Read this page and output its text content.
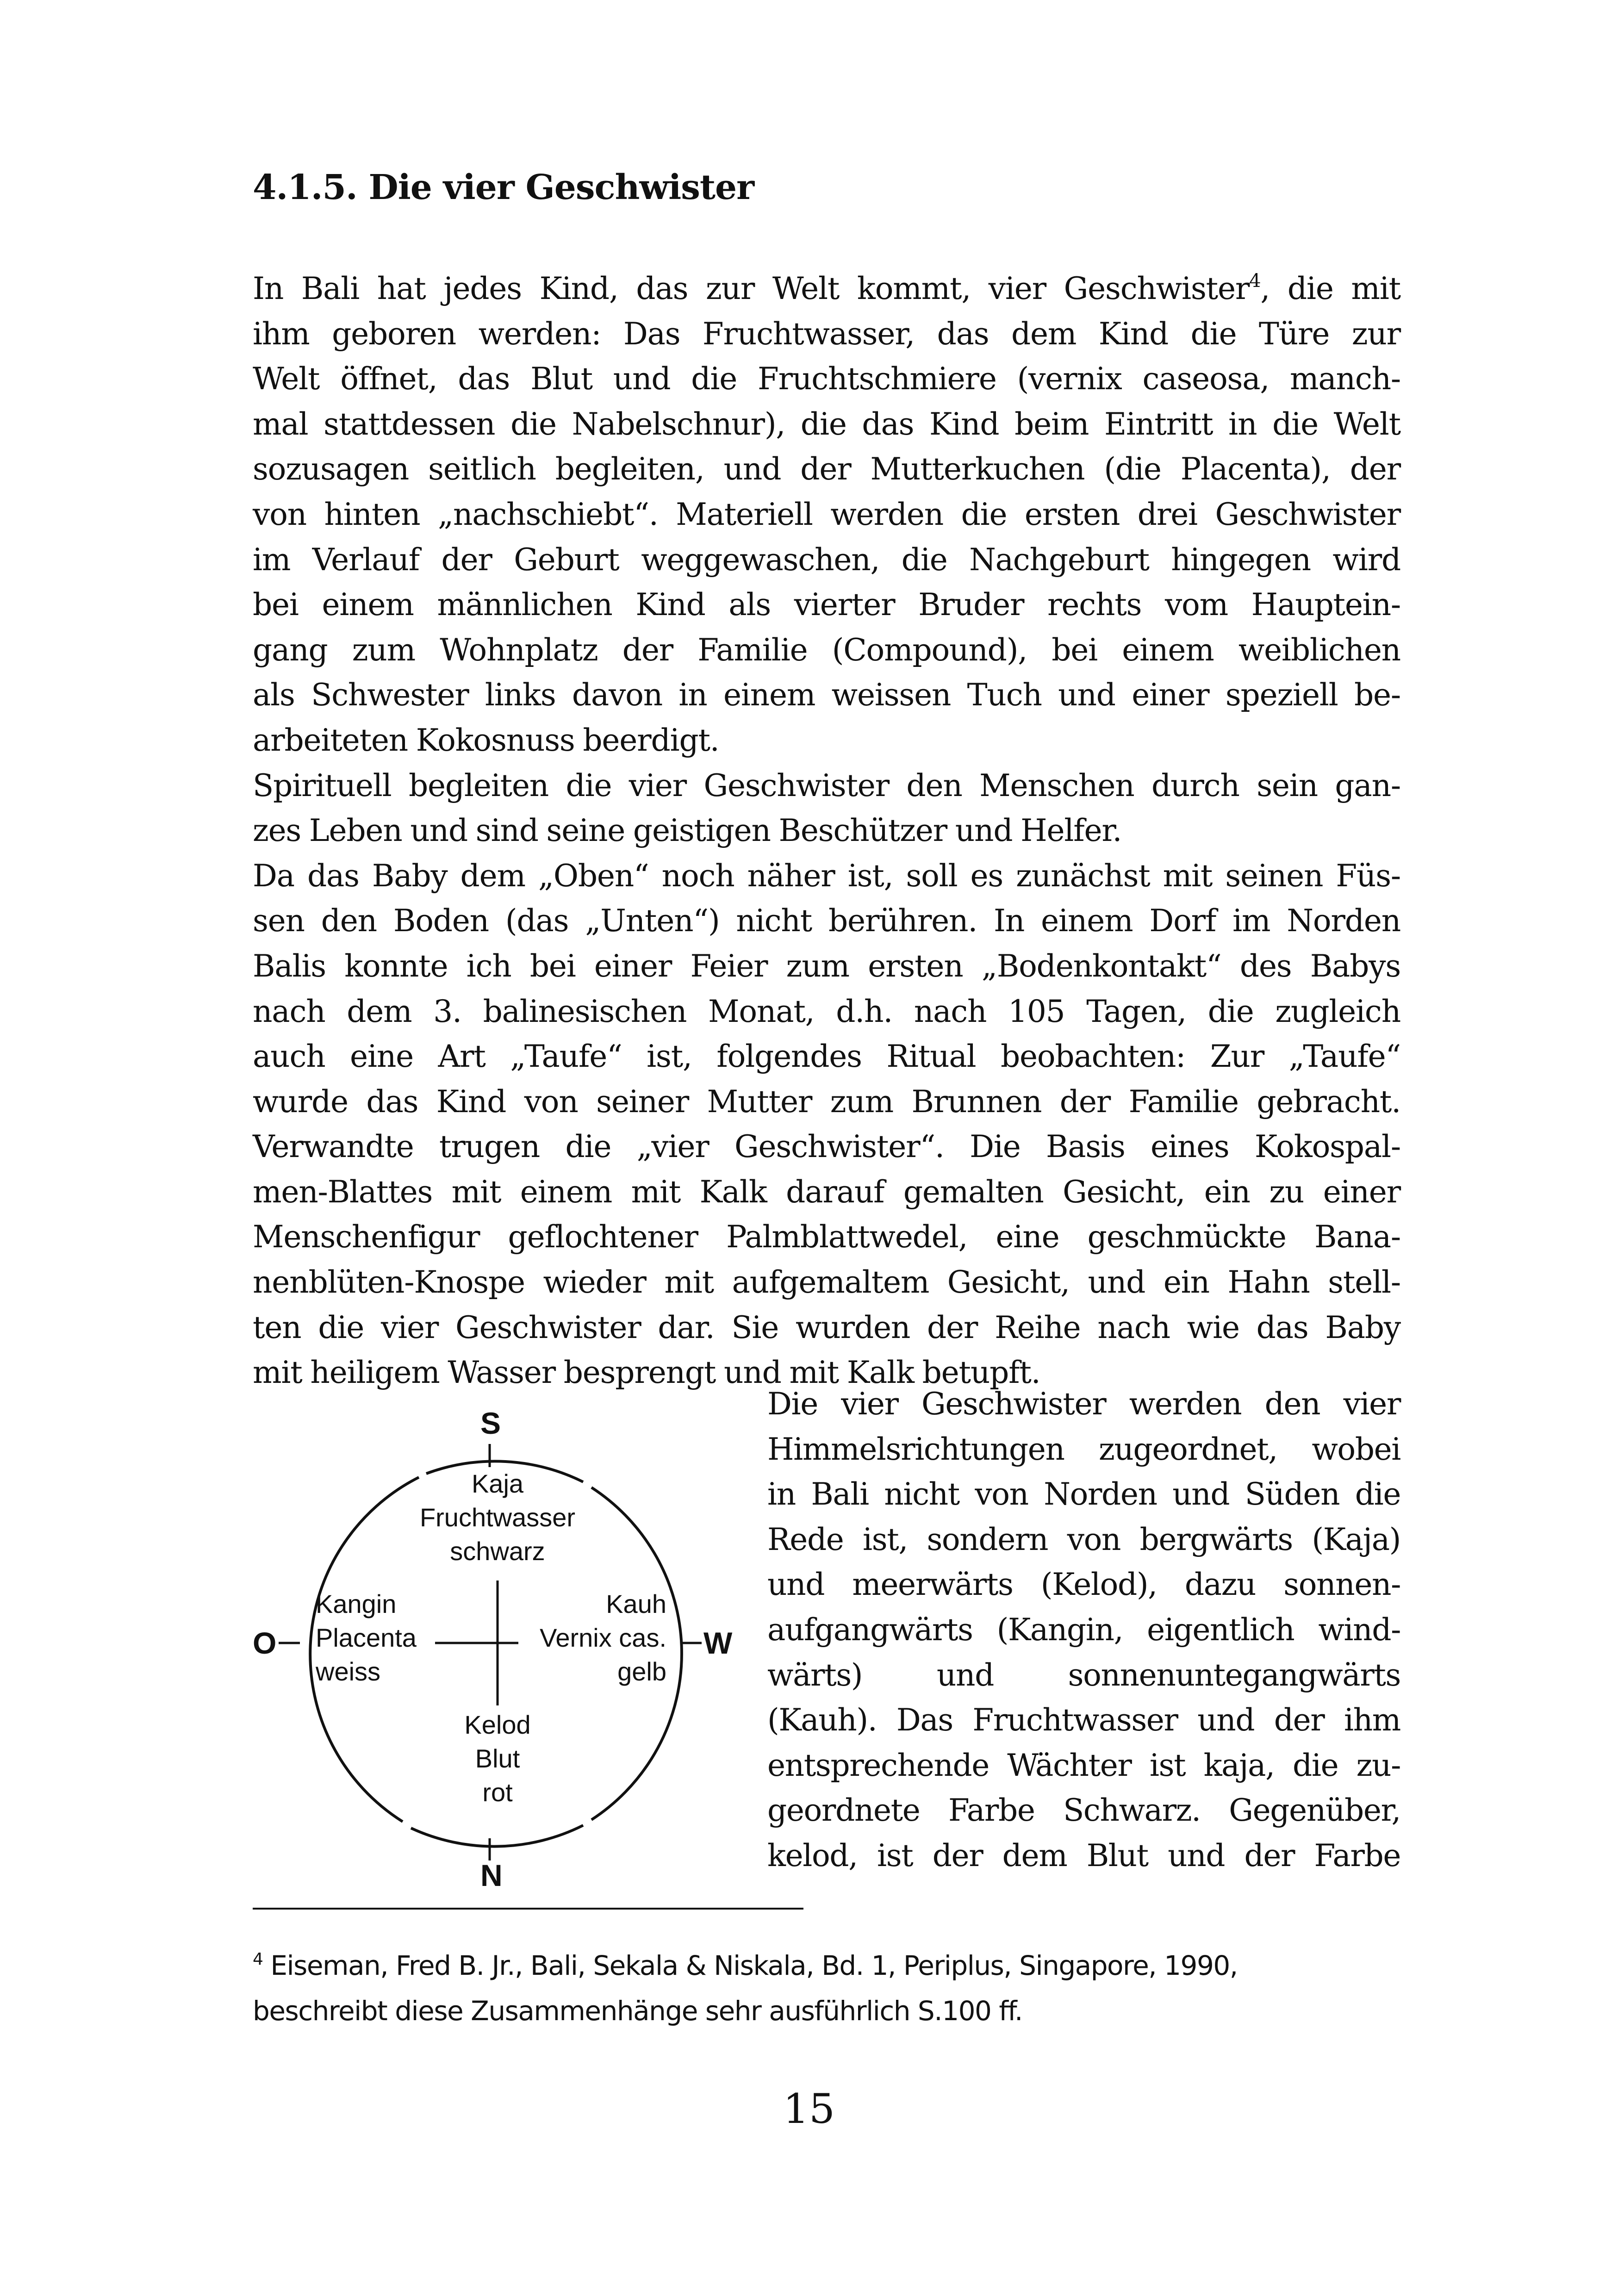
4.1.5. Die vier Geschwister
In Bali hat jedes Kind, das zur Welt kommt, vier Geschwister$^4$, die mit
ihm geboren werden: Das Fruchtwasser, das dem Kind die Türe zur
Welt öffnet, das Blut und die Fruchtschmiere (vernix caseosa, manch-
mal stattdessen die Nabelschnur), die das Kind beim Eintritt in die Welt
sozusagen seitlich begleiten, und der Mutterkuchen (die Placenta), der
von hinten „nachschiebt“. Materiell werden die ersten drei Geschwister
im Verlauf der Geburt weggewaschen, die Nachgeburt hingegen wird
bei einem männlichen Kind als vierter Bruder rechts vom Hauptein-
gang zum Wohnplatz der Familie (Compound), bei einem weiblichen
als Schwester links davon in einem weissen Tuch und einer speziell be-
arbeiteten Kokosnuss beerdigt.
Spirituell begleiten die vier Geschwister den Menschen durch sein gan-
zes Leben und sind seine geistigen Beschützer und Helfer.
Da das Baby dem „Oben“ noch näher ist, soll es zunächst mit seinen Füs-
sen den Boden (das „Unten“) nicht berühren. In einem Dorf im Norden
Balis konnte ich bei einer Feier zum ersten „Bodenkontakt“ des Babys
nach dem 3. balinesischen Monat, d.h. nach 105 Tagen, die zugleich
auch eine Art „Taufe“ ist, folgendes Ritual beobachten: Zur „Taufe“
wurde das Kind von seiner Mutter zum Brunnen der Familie gebracht.
Verwandte trugen die „vier Geschwister“. Die Basis eines Kokospal-
men-Blattes mit einem mit Kalk darauf gemalten Gesicht, ein zu einer
Menschenfigur geflochtener Palmblattwedel, eine geschmückte Bana-
nenblüten-Knospe wieder mit aufgemaltem Gesicht, und ein Hahn stell-
ten die vier Geschwister dar. Sie wurden der Reihe nach wie das Baby
mit heiligem Wasser besprengt und mit Kalk betupft.
S
N
O	W
Kaja
Fruchtwasser
schwarz
Kangin
Placenta
weiss
Kauh
Vernix cas.
gelb
Kelod
Blut
rot
Die vier Geschwister werden den vier
Himmelsrichtungen zugeordnet, wobei
in Bali nicht von Norden und Süden die
Rede ist, sondern von bergwärts (Kaja)
und meerwärts (Kelod), dazu sonnen-
aufgangwärts (Kangin, eigentlich wind-
wärts) und sonnenuntegangwärts
(Kauh). Das Fruchtwasser und der ihm
entsprechende Wächter ist kaja, die zu-
geordnete Farbe Schwarz. Gegenüber,
kelod, ist der dem Blut und der Farbe
$^4$ Eiseman, Fred B. Jr., Bali, Sekala & Niskala, Bd. 1, Periplus, Singapore, 1990,
beschreibt diese Zusammenhänge sehr ausführlich S.100 ff.
15
